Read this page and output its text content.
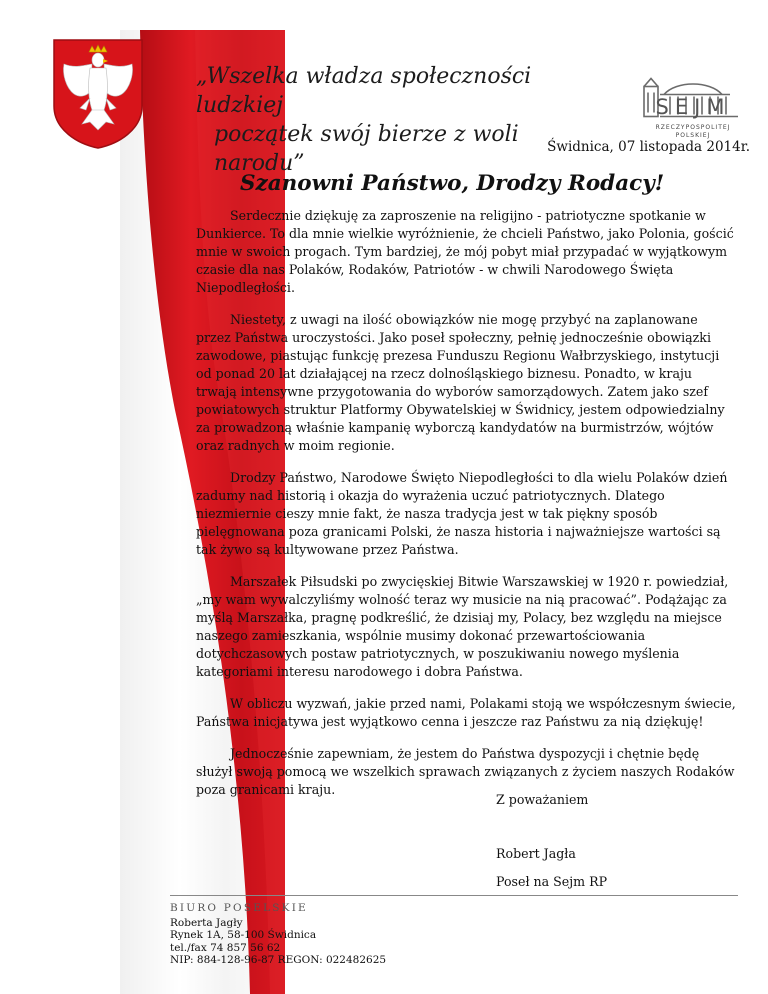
„Wszelka władza społeczności ludzkiej
początek swój bierze z woli narodu”
SEJM
RZECZYPOSPOLITEJ
POLSKIEJ
Świdnica, 07 listopada 2014r.
Szanowni Państwo, Drodzy Rodacy!

Serdecznie dziękuję za zaproszenie na religijno - patriotyczne spotkanie w Dunkierce. To dla mnie wielkie wyróżnienie, że chcieli Państwo, jako Polonia, gościć mnie w swoich progach. Tym bardziej, że mój pobyt miał przypadać w wyjątkowym czasie dla nas Polaków, Rodaków, Patriotów - w chwili Narodowego Święta Niepodległości.

Niestety, z uwagi na ilość obowiązków nie mogę przybyć na zaplanowane przez Państwa uroczystości. Jako poseł społeczny, pełnię jednocześnie obowiązki zawodowe, piastując funkcję prezesa Funduszu Regionu Wałbrzyskiego, instytucji od ponad 20 lat działającej na rzecz dolnośląskiego biznesu. Ponadto, w kraju trwają intensywne przygotowania do wyborów samorządowych. Zatem jako szef powiatowych struktur Platformy Obywatelskiej w Świdnicy, jestem odpowiedzialny za prowadzoną właśnie kampanię wyborczą kandydatów na burmistrzów, wójtów oraz radnych w moim regionie.

Drodzy Państwo, Narodowe Święto Niepodległości to dla wielu Polaków dzień zadumy nad historią i okazja do wyrażenia uczuć patriotycznych. Dlatego niezmiernie cieszy mnie fakt, że nasza tradycja jest w tak piękny sposób pielęgnowana poza granicami Polski, że nasza historia i najważniejsze wartości są tak żywo są kultywowane przez Państwa.

Marszałek Piłsudski po zwycięskiej Bitwie Warszawskiej w 1920 r. powiedział, „my wam wywalczyliśmy wolność teraz wy musicie na nią pracować”. Podążając za myślą Marszałka, pragnę podkreślić, że dzisiaj my, Polacy, bez względu na miejsce naszego zamieszkania, wspólnie musimy dokonać przewartościowania dotychczasowych postaw patriotycznych, w poszukiwaniu nowego myślenia kategoriami interesu narodowego i dobra Państwa.

W obliczu wyzwań, jakie przed nami, Polakami stoją we współczesnym świecie, Państwa inicjatywa jest wyjątkowo cenna i jeszcze raz Państwu za nią dziękuję!

Jednocześnie zapewniam, że jestem do Państwa dyspozycji i chętnie będę służył swoją pomocą we wszelkich sprawach związanych z życiem naszych Rodaków poza granicami kraju.

Z poważaniem
Robert Jagła
Poseł na Sejm RP
BIURO POSELSKIE
Roberta Jagły
Rynek 1A, 58-100 Świdnica
tel./fax 74 857 56 62
NIP: 884-128-96-87 REGON: 022482625
